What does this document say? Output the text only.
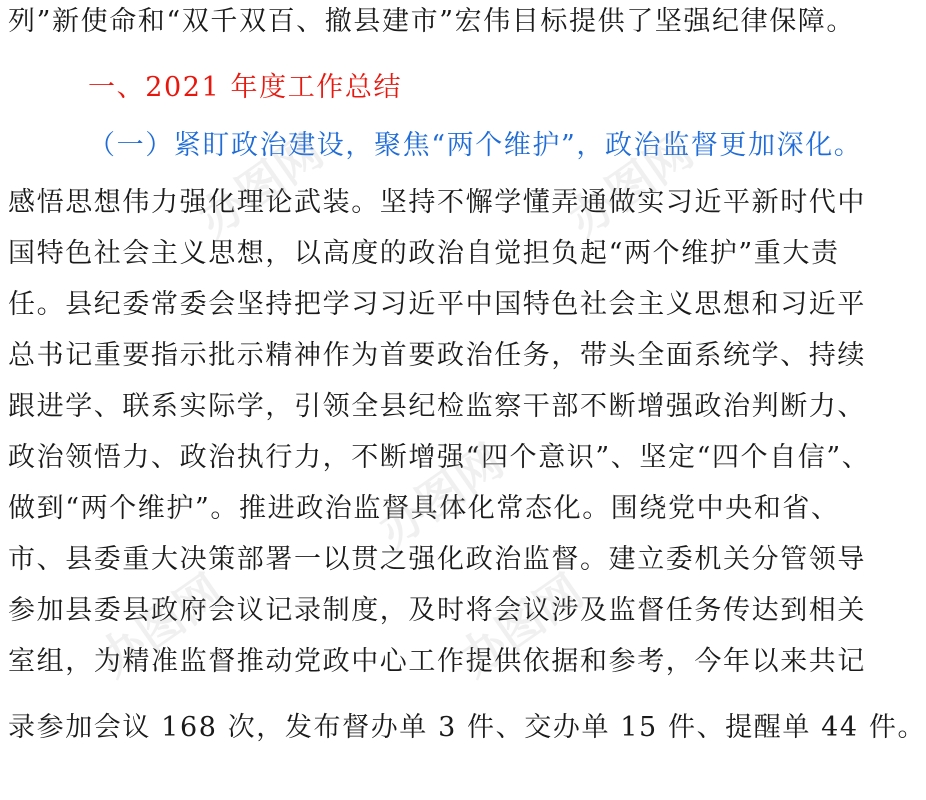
列”新使命和“双千双百、撤县建市”宏伟目标提供了坚强纪律保障。
一、2021 年度工作总结
（一）紧盯政治建设，聚焦“两个维护”，政治监督更加深化。
感悟思想伟力强化理论武装。坚持不懈学懂弄通做实习近平新时代中
国特色社会主义思想，以高度的政治自觉担负起“两个维护”重大责
任。县纪委常委会坚持把学习习近平中国特色社会主义思想和习近平
总书记重要指示批示精神作为首要政治任务，带头全面系统学、持续
跟进学、联系实际学，引领全县纪检监察干部不断增强政治判断力、
政治领悟力、政治执行力，不断增强“四个意识”、坚定“四个自信”、
做到“两个维护”。推进政治监督具体化常态化。围绕党中央和省、
市、县委重大决策部署一以贯之强化政治监督。建立委机关分管领导
参加县委县政府会议记录制度，及时将会议涉及监督任务传达到相关
室组，为精准监督推动党政中心工作提供依据和参考，今年以来共记
录参加会议 168 次，发布督办单 3 件、交办单 15 件、提醒单 44 件。
办图网	办图网
办图网
办图网	办图网
